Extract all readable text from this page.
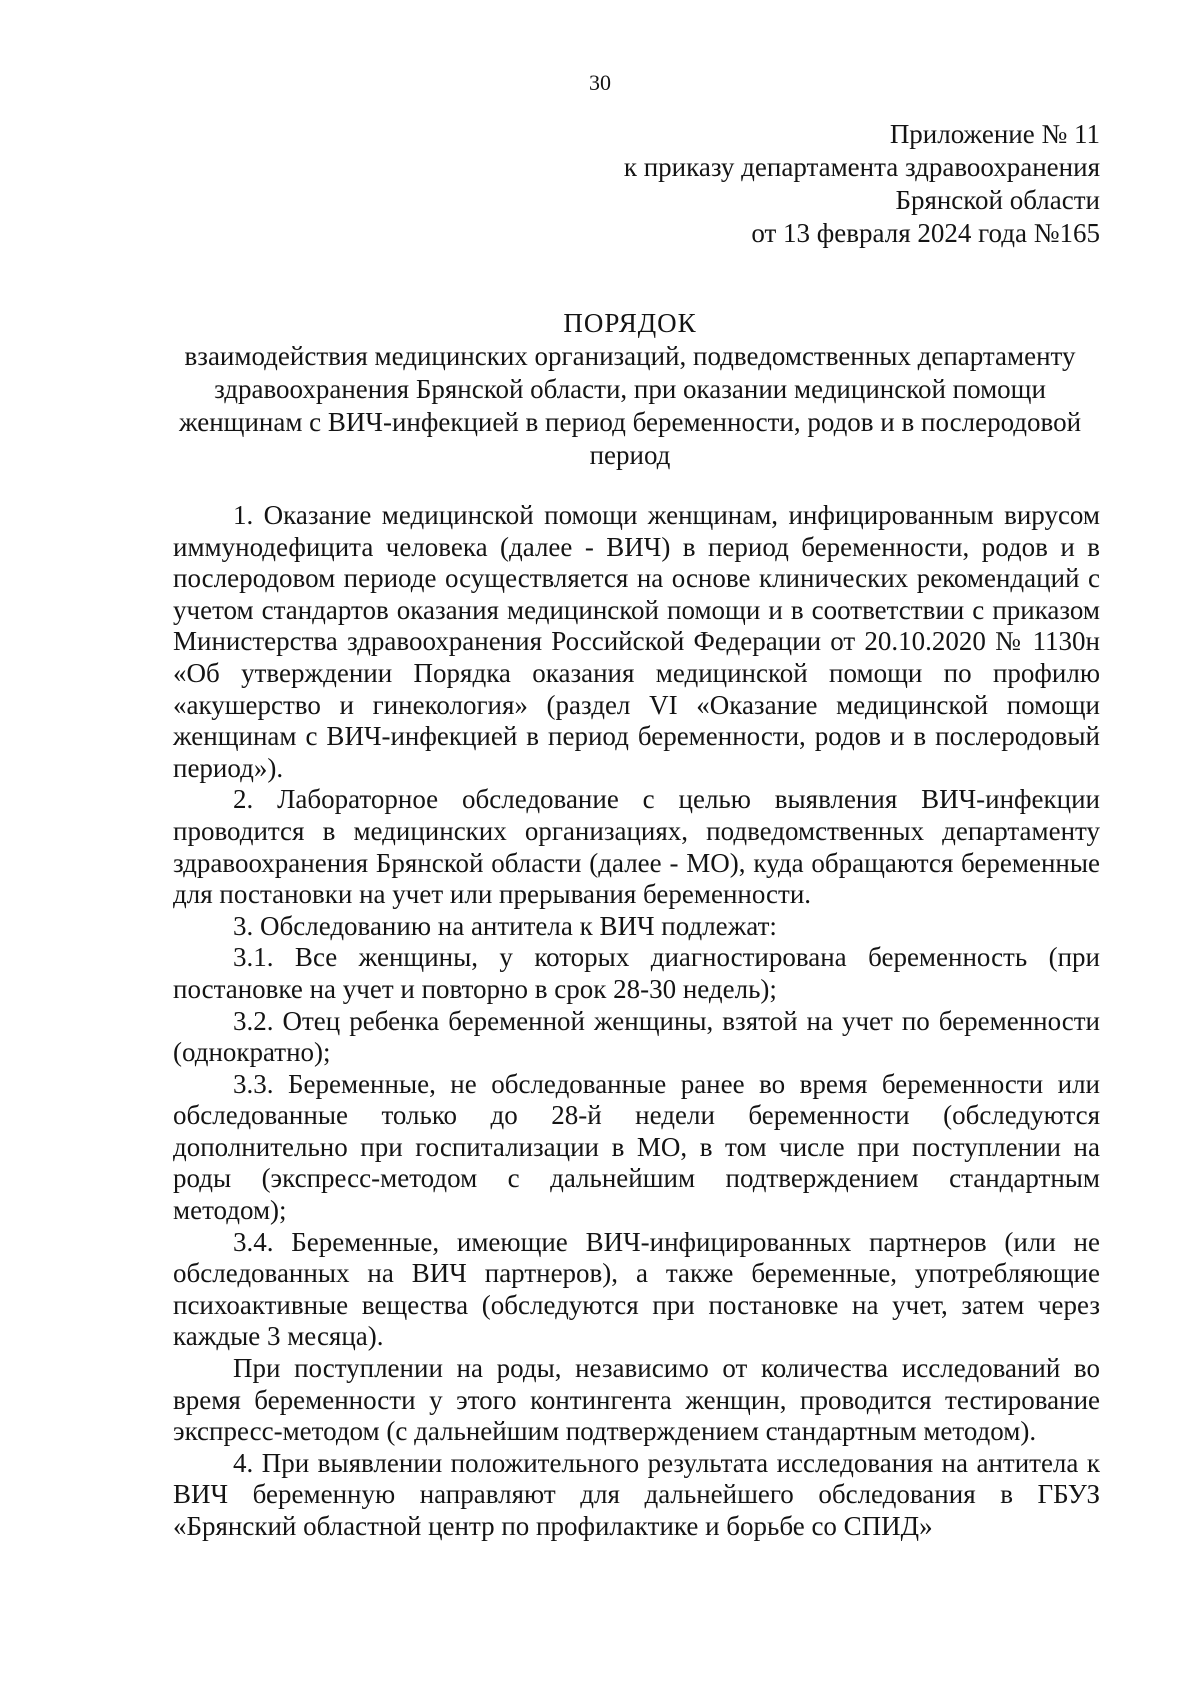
30
Приложение № 11
к приказу департамента здравоохранения
Брянской области
от 13 февраля 2024 года №165
ПОРЯДОК
взаимодействия медицинских организаций, подведомственных департаменту здравоохранения Брянской области, при оказании медицинской помощи женщинам с ВИЧ-инфекцией в период беременности, родов и в послеродовой период

1. Оказание медицинской помощи женщинам, инфицированным вирусом иммунодефицита человека (далее - ВИЧ) в период беременности, родов и в послеродовом периоде осуществляется на основе клинических рекомендаций с учетом стандартов оказания медицинской помощи и в соответствии с приказом Министерства здравоохранения Российской Федерации от 20.10.2020 № 1130н «Об утверждении Порядка оказания медицинской помощи по профилю «акушерство и гинекология» (раздел VI «Оказание медицинской помощи женщинам с ВИЧ-инфекцией в период беременности, родов и в послеродовый период»).

2. Лабораторное обследование с целью выявления ВИЧ-инфекции проводится в медицинских организациях, подведомственных департаменту здравоохранения Брянской области (далее - МО), куда обращаются беременные для постановки на учет или прерывания беременности.

3. Обследованию на антитела к ВИЧ подлежат:

3.1. Все женщины, у которых диагностирована беременность (при постановке на учет и повторно в срок 28-30 недель);

3.2. Отец ребенка беременной женщины, взятой на учет по беременности (однократно);

3.3. Беременные, не обследованные ранее во время беременности или обследованные только до 28-й недели беременности (обследуются дополнительно при госпитализации в МО, в том числе при поступлении на роды (экспресс-методом с дальнейшим подтверждением стандартным методом);

3.4. Беременные, имеющие ВИЧ-инфицированных партнеров (или не обследованных на ВИЧ партнеров), а также беременные, употребляющие психоактивные вещества (обследуются при постановке на учет, затем через каждые 3 месяца).

При поступлении на роды, независимо от количества исследований во время беременности у этого контингента женщин, проводится тестирование экспресс-методом (с дальнейшим подтверждением стандартным методом).

4. При выявлении положительного результата исследования на антитела к ВИЧ беременную направляют для дальнейшего обследования в ГБУЗ «Брянский областной центр по профилактике и борьбе со СПИД»
